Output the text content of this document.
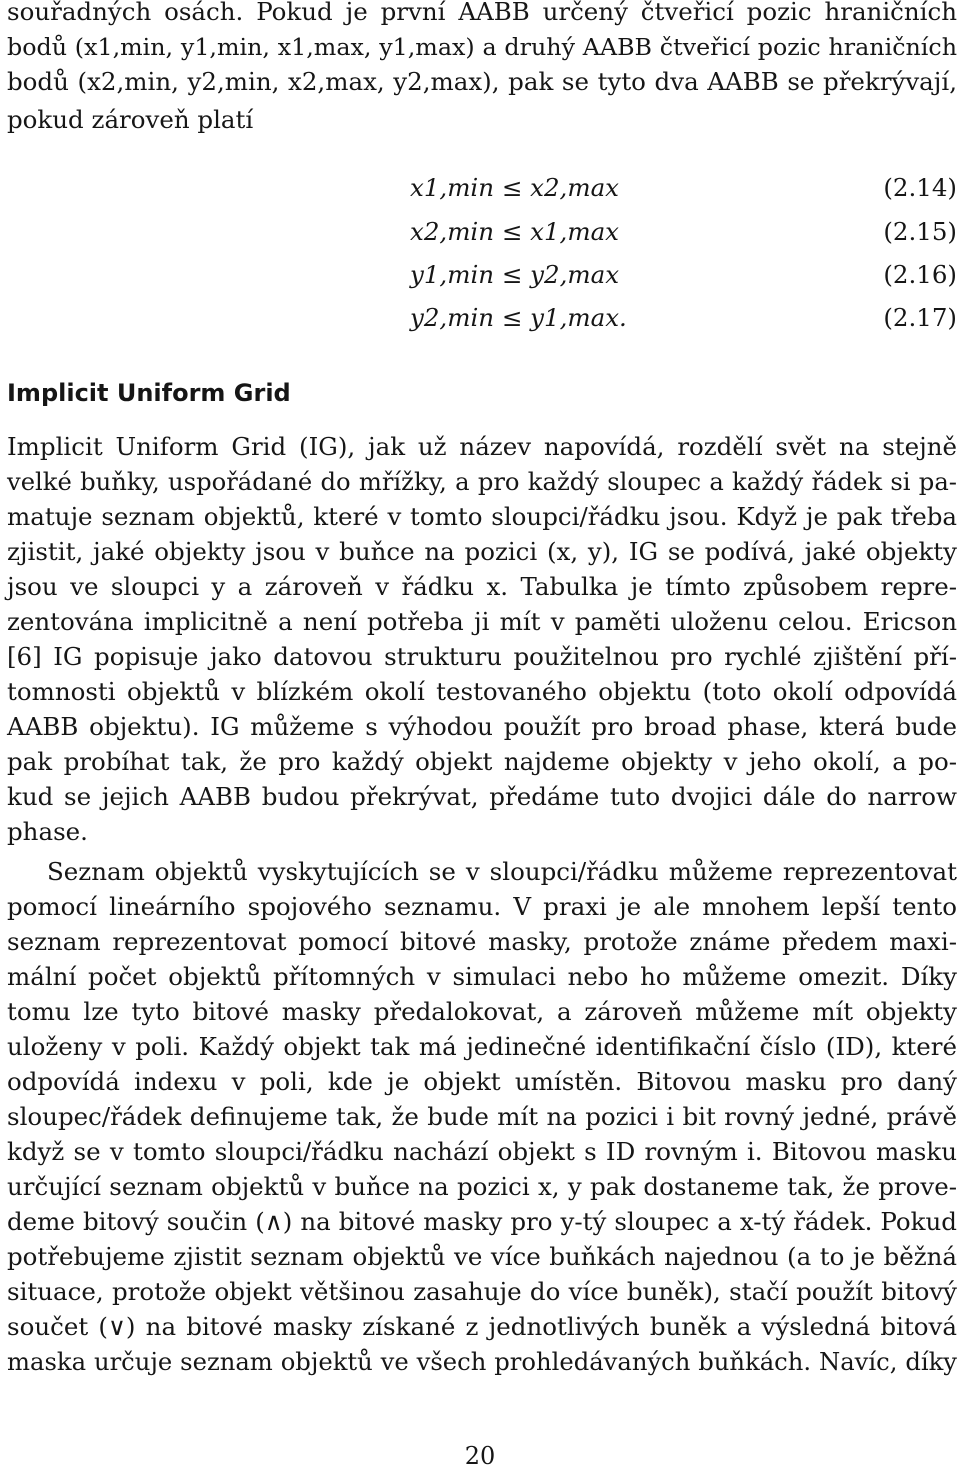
souřadných osách. Pokud je první AABB určený čtveřicí pozic hraničních
bodů (x1,min, y1,min, x1,max, y1,max) a druhý AABB čtveřicí pozic hraničních
bodů (x2,min, y2,min, x2,max, y2,max), pak se tyto dva AABB se překrývají,
pokud zároveň platí
x1,min ≤ x2,max	(2.14)
x2,min ≤ x1,max	(2.15)
y1,min ≤ y2,max	(2.16)
y2,min ≤ y1,max.	(2.17)
Implicit Uniform Grid
Implicit Uniform Grid (IG), jak už název napovídá, rozdělí svět na stejně
velké buňky, uspořádané do mřížky, a pro každý sloupec a každý řádek si pa-
matuje seznam objektů, které v tomto sloupci/řádku jsou. Když je pak třeba
zjistit, jaké objekty jsou v buňce na pozici (x, y), IG se podívá, jaké objekty
jsou ve sloupci y a zároveň v řádku x. Tabulka je tímto způsobem repre-
zentována implicitně a není potřeba ji mít v paměti uloženu celou. Ericson
[6] IG popisuje jako datovou strukturu použitelnou pro rychlé zjištění pří-
tomnosti objektů v blízkém okolí testovaného objektu (toto okolí odpovídá
AABB objektu). IG můžeme s výhodou použít pro broad phase, která bude
pak probíhat tak, že pro každý objekt najdeme objekty v jeho okolí, a po-
kud se jejich AABB budou překrývat, předáme tuto dvojici dále do narrow
phase.
Seznam objektů vyskytujících se v sloupci/řádku můžeme reprezentovat
pomocí lineárního spojového seznamu. V praxi je ale mnohem lepší tento
seznam reprezentovat pomocí bitové masky, protože známe předem maxi-
mální počet objektů přítomných v simulaci nebo ho můžeme omezit. Díky
tomu lze tyto bitové masky předalokovat, a zároveň můžeme mít objekty
uloženy v poli. Každý objekt tak má jedinečné identifikační číslo (ID), které
odpovídá indexu v poli, kde je objekt umístěn. Bitovou masku pro daný
sloupec/řádek definujeme tak, že bude mít na pozici i bit rovný jedné, právě
když se v tomto sloupci/řádku nachází objekt s ID rovným i. Bitovou masku
určující seznam objektů v buňce na pozici x, y pak dostaneme tak, že prove-
deme bitový součin (∧) na bitové masky pro y-tý sloupec a x-tý řádek. Pokud
potřebujeme zjistit seznam objektů ve více buňkách najednou (a to je běžná
situace, protože objekt většinou zasahuje do více buněk), stačí použít bitový
součet (∨) na bitové masky získané z jednotlivých buněk a výsledná bitová
maska určuje seznam objektů ve všech prohledávaných buňkách. Navíc, díky
20
